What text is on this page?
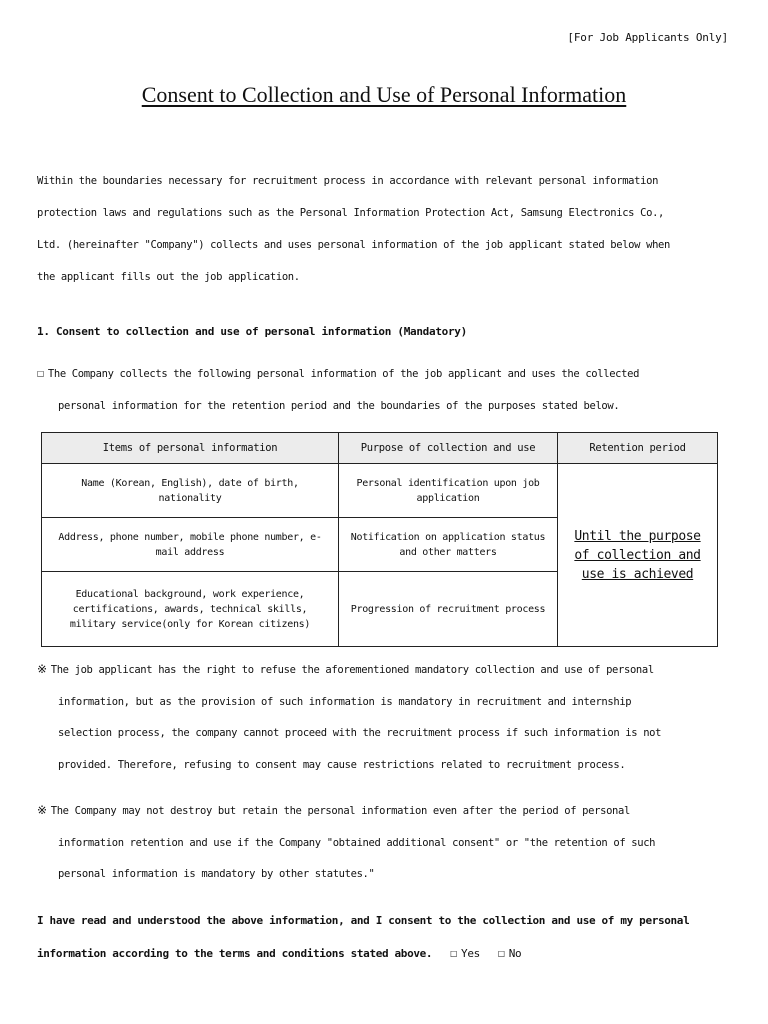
[For Job Applicants Only]
Consent to Collection and Use of Personal Information
Within the boundaries necessary for recruitment process in accordance with relevant personal information
protection laws and regulations such as the Personal Information Protection Act, Samsung Electronics Co.,
Ltd. (hereinafter "Company") collects and uses personal information of the job applicant stated below when
the applicant fills out the job application.
1. Consent to collection and use of personal information (Mandatory)
☐ The Company collects the following personal information of the job applicant and uses the collected
personal information for the retention period and the boundaries of the purposes stated below.
Items of personal information	Purpose of collection and use	Retention period
Name (Korean, English), date of birth, nationality	Personal identification upon job application	Until the purpose of collection and use is achieved
Address, phone number, mobile phone number, e-mail address	Notification on application status and other matters	
Educational background, work experience, certifications, awards, technical skills, military service(only for Korean citizens)	Progression of recruitment process	
※ The job applicant has the right to refuse the aforementioned mandatory collection and use of personal
information, but as the provision of such information is mandatory in recruitment and internship
selection process, the company cannot proceed with the recruitment process if such information is not
provided. Therefore, refusing to consent may cause restrictions related to recruitment process.
※ The Company may not destroy but retain the personal information even after the period of personal
information retention and use if the Company "obtained additional consent" or "the retention of such
personal information is mandatory by other statutes."
I have read and understood the above information, and I consent to the collection and use of my personal
information according to the terms and conditions stated above. ☐ Yes ☐ No
